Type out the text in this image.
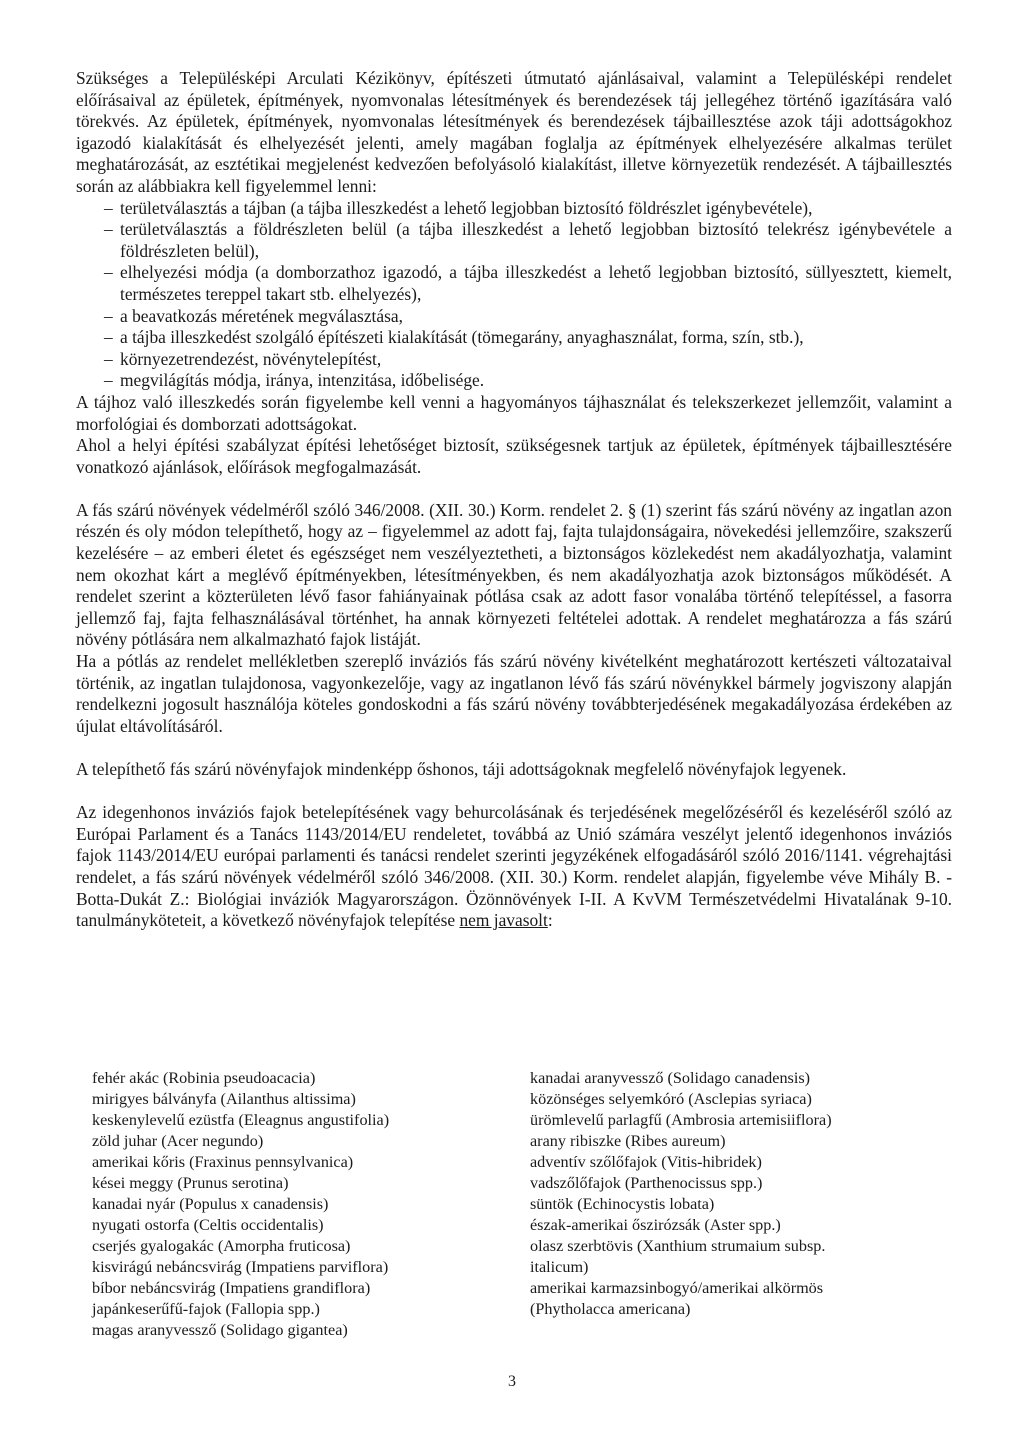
Szükséges a Településképi Arculati Kézikönyv, építészeti útmutató ajánlásaival, valamint a Településképi rendelet előírásaival az épületek, építmények, nyomvonalas létesítmények és berendezések táj jellegéhez történő igazítására való törekvés. Az épületek, építmények, nyomvonalas létesítmények és berendezések tájbaillesztése azok táji adottságokhoz igazodó kialakítását és elhelyezését jelenti, amely magában foglalja az építmények elhelyezésére alkalmas terület meghatározását, az esztétikai megjelenést kedvezően befolyásoló kialakítást, illetve környezetük rendezését. A tájbaillesztés során az alábbiakra kell figyelemmel lenni:

– területválasztás a tájban (a tájba illeszkedést a lehető legjobban biztosító földrészlet igénybevétele),
– területválasztás a földrészleten belül (a tájba illeszkedést a lehető legjobban biztosító telekrész igénybevétele a földrészleten belül),
– elhelyezési módja (a domborzathoz igazodó, a tájba illeszkedést a lehető legjobban biztosító, süllyesztett, kiemelt, természetes tereppel takart stb. elhelyezés),
– a beavatkozás méretének megválasztása,
– a tájba illeszkedést szolgáló építészeti kialakítását (tömegarány, anyaghasználat, forma, szín, stb.),
– környezetrendezést, növénytelepítést,
– megvilágítás módja, iránya, intenzitása, időbelisége.

A tájhoz való illeszkedés során figyelembe kell venni a hagyományos tájhasználat és telekszerkezet jellemzőit, valamint a morfológiai és domborzati adottságokat.

Ahol a helyi építési szabályzat építési lehetőséget biztosít, szükségesnek tartjuk az épületek, építmények tájbaillesztésére vonatkozó ajánlások, előírások megfogalmazását.

A fás szárú növények védelméről szóló 346/2008. (XII. 30.) Korm. rendelet 2. § (1) szerint fás szárú növény az ingatlan azon részén és oly módon telepíthető, hogy az – figyelemmel az adott faj, fajta tulajdonságaira, növekedési jellemzőire, szakszerű kezelésére – az emberi életet és egészséget nem veszélyeztetheti, a biztonságos közlekedést nem akadályozhatja, valamint nem okozhat kárt a meglévő építményekben, létesítményekben, és nem akadályozhatja azok biztonságos működését. A rendelet szerint a közterületen lévő fasor fahiányainak pótlása csak az adott fasor vonalába történő telepítéssel, a fasorra jellemző faj, fajta felhasználásával történhet, ha annak környezeti feltételei adottak. A rendelet meghatározza a fás szárú növény pótlására nem alkalmazható fajok listáját.

Ha a pótlás az rendelet mellékletben szereplő inváziós fás szárú növény kivételként meghatározott kertészeti változataival történik, az ingatlan tulajdonosa, vagyonkezelője, vagy az ingatlanon lévő fás szárú növénykkel bármely jogviszony alapján rendelkezni jogosult használója köteles gondoskodni a fás szárú növény továbbterjedésének megakadályozása érdekében az újulat eltávolításáról.

A telepíthető fás szárú növényfajok mindenképp őshonos, táji adottságoknak megfelelő növényfajok legyenek.

Az idegenhonos inváziós fajok betelepítésének vagy behurcolásának és terjedésének megelőzéséről és kezeléséről szóló az Európai Parlament és a Tanács 1143/2014/EU rendeletet, továbbá az Unió számára veszélyt jelentő idegenhonos inváziós fajok 1143/2014/EU európai parlamenti és tanácsi rendelet szerinti jegyzékének elfogadásáról szóló 2016/1141. végrehajtási rendelet, a fás szárú növények védelméről szóló 346/2008. (XII. 30.) Korm. rendelet alapján, figyelembe véve Mihály B. - Botta-Dukát Z.: Biológiai inváziók Magyarországon. Özönnövények I-II. A KvVM Természetvédelmi Hivatalának 9-10. tanulmányköteteit, a következő növényfajok telepítése nem javasolt:

fehér akác (Robinia pseudoacacia)
mirigyes bálványfa (Ailanthus altissima)
keskenylevelű ezüstfa (Eleagnus angustifolia)
zöld juhar (Acer negundo)
amerikai kőris (Fraxinus pennsylvanica)
kései meggy (Prunus serotina)
kanadai nyár (Populus x canadensis)
nyugati ostorfa (Celtis occidentalis)
cserjés gyalogakác (Amorpha fruticosa)
kisvirágú nebáncsvirág (Impatiens parviflora)
bíbor nebáncsvirág (Impatiens grandiflora)
japánkeserűfű-fajok (Fallopia spp.)
magas aranyvessző (Solidago gigantea)
kanadai aranyvessző (Solidago canadensis)
közönséges selyemkóró (Asclepias syriaca)
ürömlevelű parlagfű (Ambrosia artemisiiflora)
arany ribiszke (Ribes aureum)
adventív szőlőfajok (Vitis-hibridek)
vadszőlőfajok (Parthenocissus spp.)
süntök (Echinocystis lobata)
észak-amerikai őszirózsák (Aster spp.)
olasz szerbtövis (Xanthium strumaium subsp.
italicum)
amerikai karmazsinbogyó/amerikai alkörmös
(Phytholacca americana)
3
